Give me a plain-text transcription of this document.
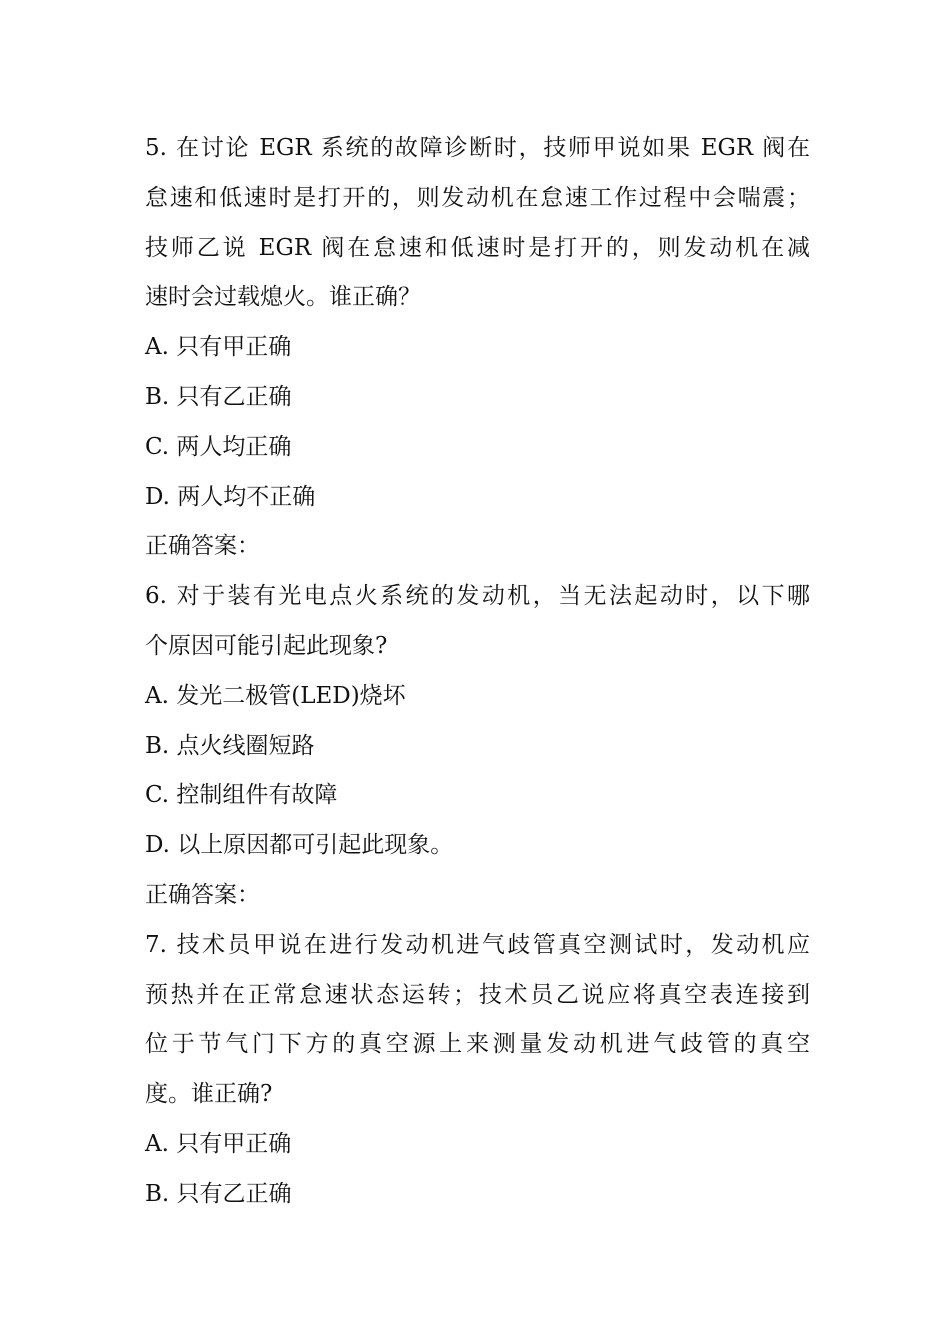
5. 在讨论 EGR 系统的故障诊断时，技师甲说如果 EGR 阀在
怠速和低速时是打开的，则发动机在怠速工作过程中会喘震；
技师乙说 EGR 阀在怠速和低速时是打开的，则发动机在减
速时会过载熄火。谁正确？
A. 只有甲正确
B. 只有乙正确
C. 两人均正确
D. 两人均不正确
正确答案：
6. 对于装有光电点火系统的发动机，当无法起动时，以下哪
个原因可能引起此现象?
A. 发光二极管(LED)烧坏
B. 点火线圈短路
C. 控制组件有故障
D. 以上原因都可引起此现象。
正确答案：
7. 技术员甲说在进行发动机进气歧管真空测试时，发动机应
预热并在正常怠速状态运转；技术员乙说应将真空表连接到
位于节气门下方的真空源上来测量发动机进气歧管的真空
度。谁正确?
A. 只有甲正确
B. 只有乙正确
